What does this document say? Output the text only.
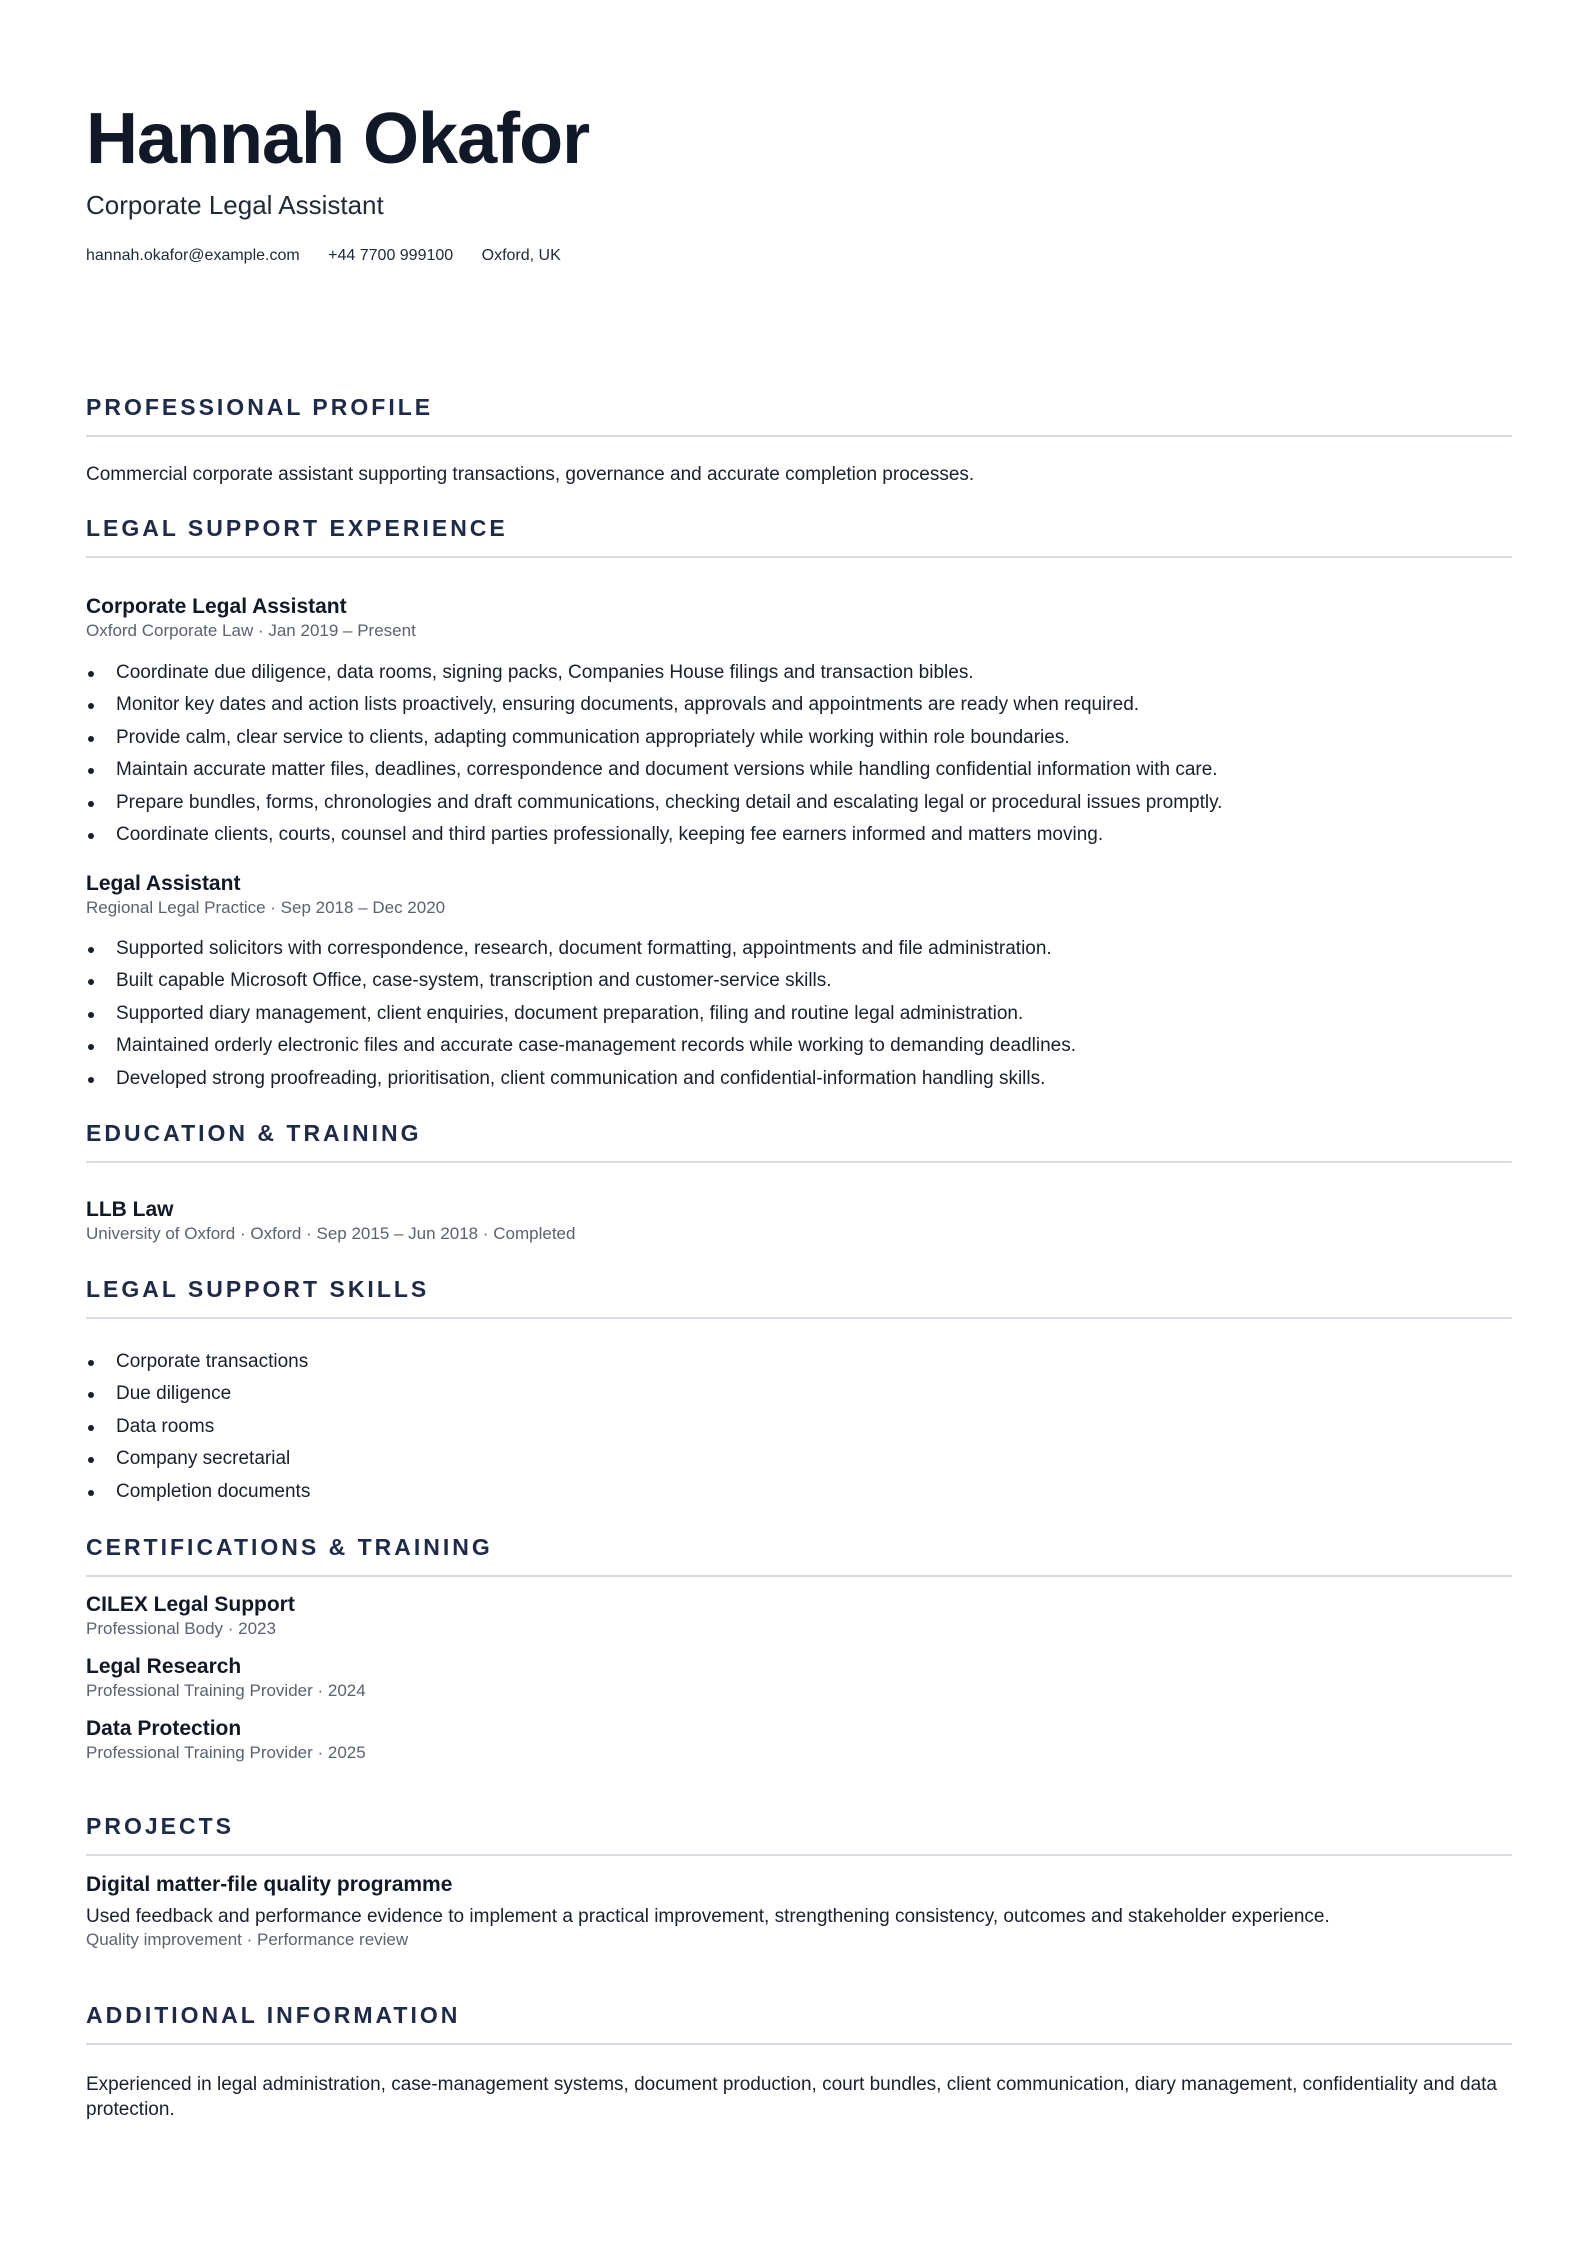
Hannah Okafor
Corporate Legal Assistant
hannah.okafor@example.com +44 7700 999100 Oxford, UK
PROFESSIONAL PROFILE
Commercial corporate assistant supporting transactions, governance and accurate completion processes.
LEGAL SUPPORT EXPERIENCE
Corporate Legal Assistant
Oxford Corporate Law · Jan 2019 – Present
Coordinate due diligence, data rooms, signing packs, Companies House filings and transaction bibles.
Monitor key dates and action lists proactively, ensuring documents, approvals and appointments are ready when required.
Provide calm, clear service to clients, adapting communication appropriately while working within role boundaries.
Maintain accurate matter files, deadlines, correspondence and document versions while handling confidential information with care.
Prepare bundles, forms, chronologies and draft communications, checking detail and escalating legal or procedural issues promptly.
Coordinate clients, courts, counsel and third parties professionally, keeping fee earners informed and matters moving.
Legal Assistant
Regional Legal Practice · Sep 2018 – Dec 2020
Supported solicitors with correspondence, research, document formatting, appointments and file administration.
Built capable Microsoft Office, case-system, transcription and customer-service skills.
Supported diary management, client enquiries, document preparation, filing and routine legal administration.
Maintained orderly electronic files and accurate case-management records while working to demanding deadlines.
Developed strong proofreading, prioritisation, client communication and confidential-information handling skills.
EDUCATION & TRAINING
LLB Law
University of Oxford · Oxford · Sep 2015 – Jun 2018 · Completed
LEGAL SUPPORT SKILLS
Corporate transactions
Due diligence
Data rooms
Company secretarial
Completion documents
CERTIFICATIONS & TRAINING
CILEX Legal Support
Professional Body · 2023
Legal Research
Professional Training Provider · 2024
Data Protection
Professional Training Provider · 2025
PROJECTS
Digital matter-file quality programme
Used feedback and performance evidence to implement a practical improvement, strengthening consistency, outcomes and stakeholder experience.
Quality improvement · Performance review
ADDITIONAL INFORMATION
Experienced in legal administration, case-management systems, document production, court bundles, client communication, diary management, confidentiality and data protection.
